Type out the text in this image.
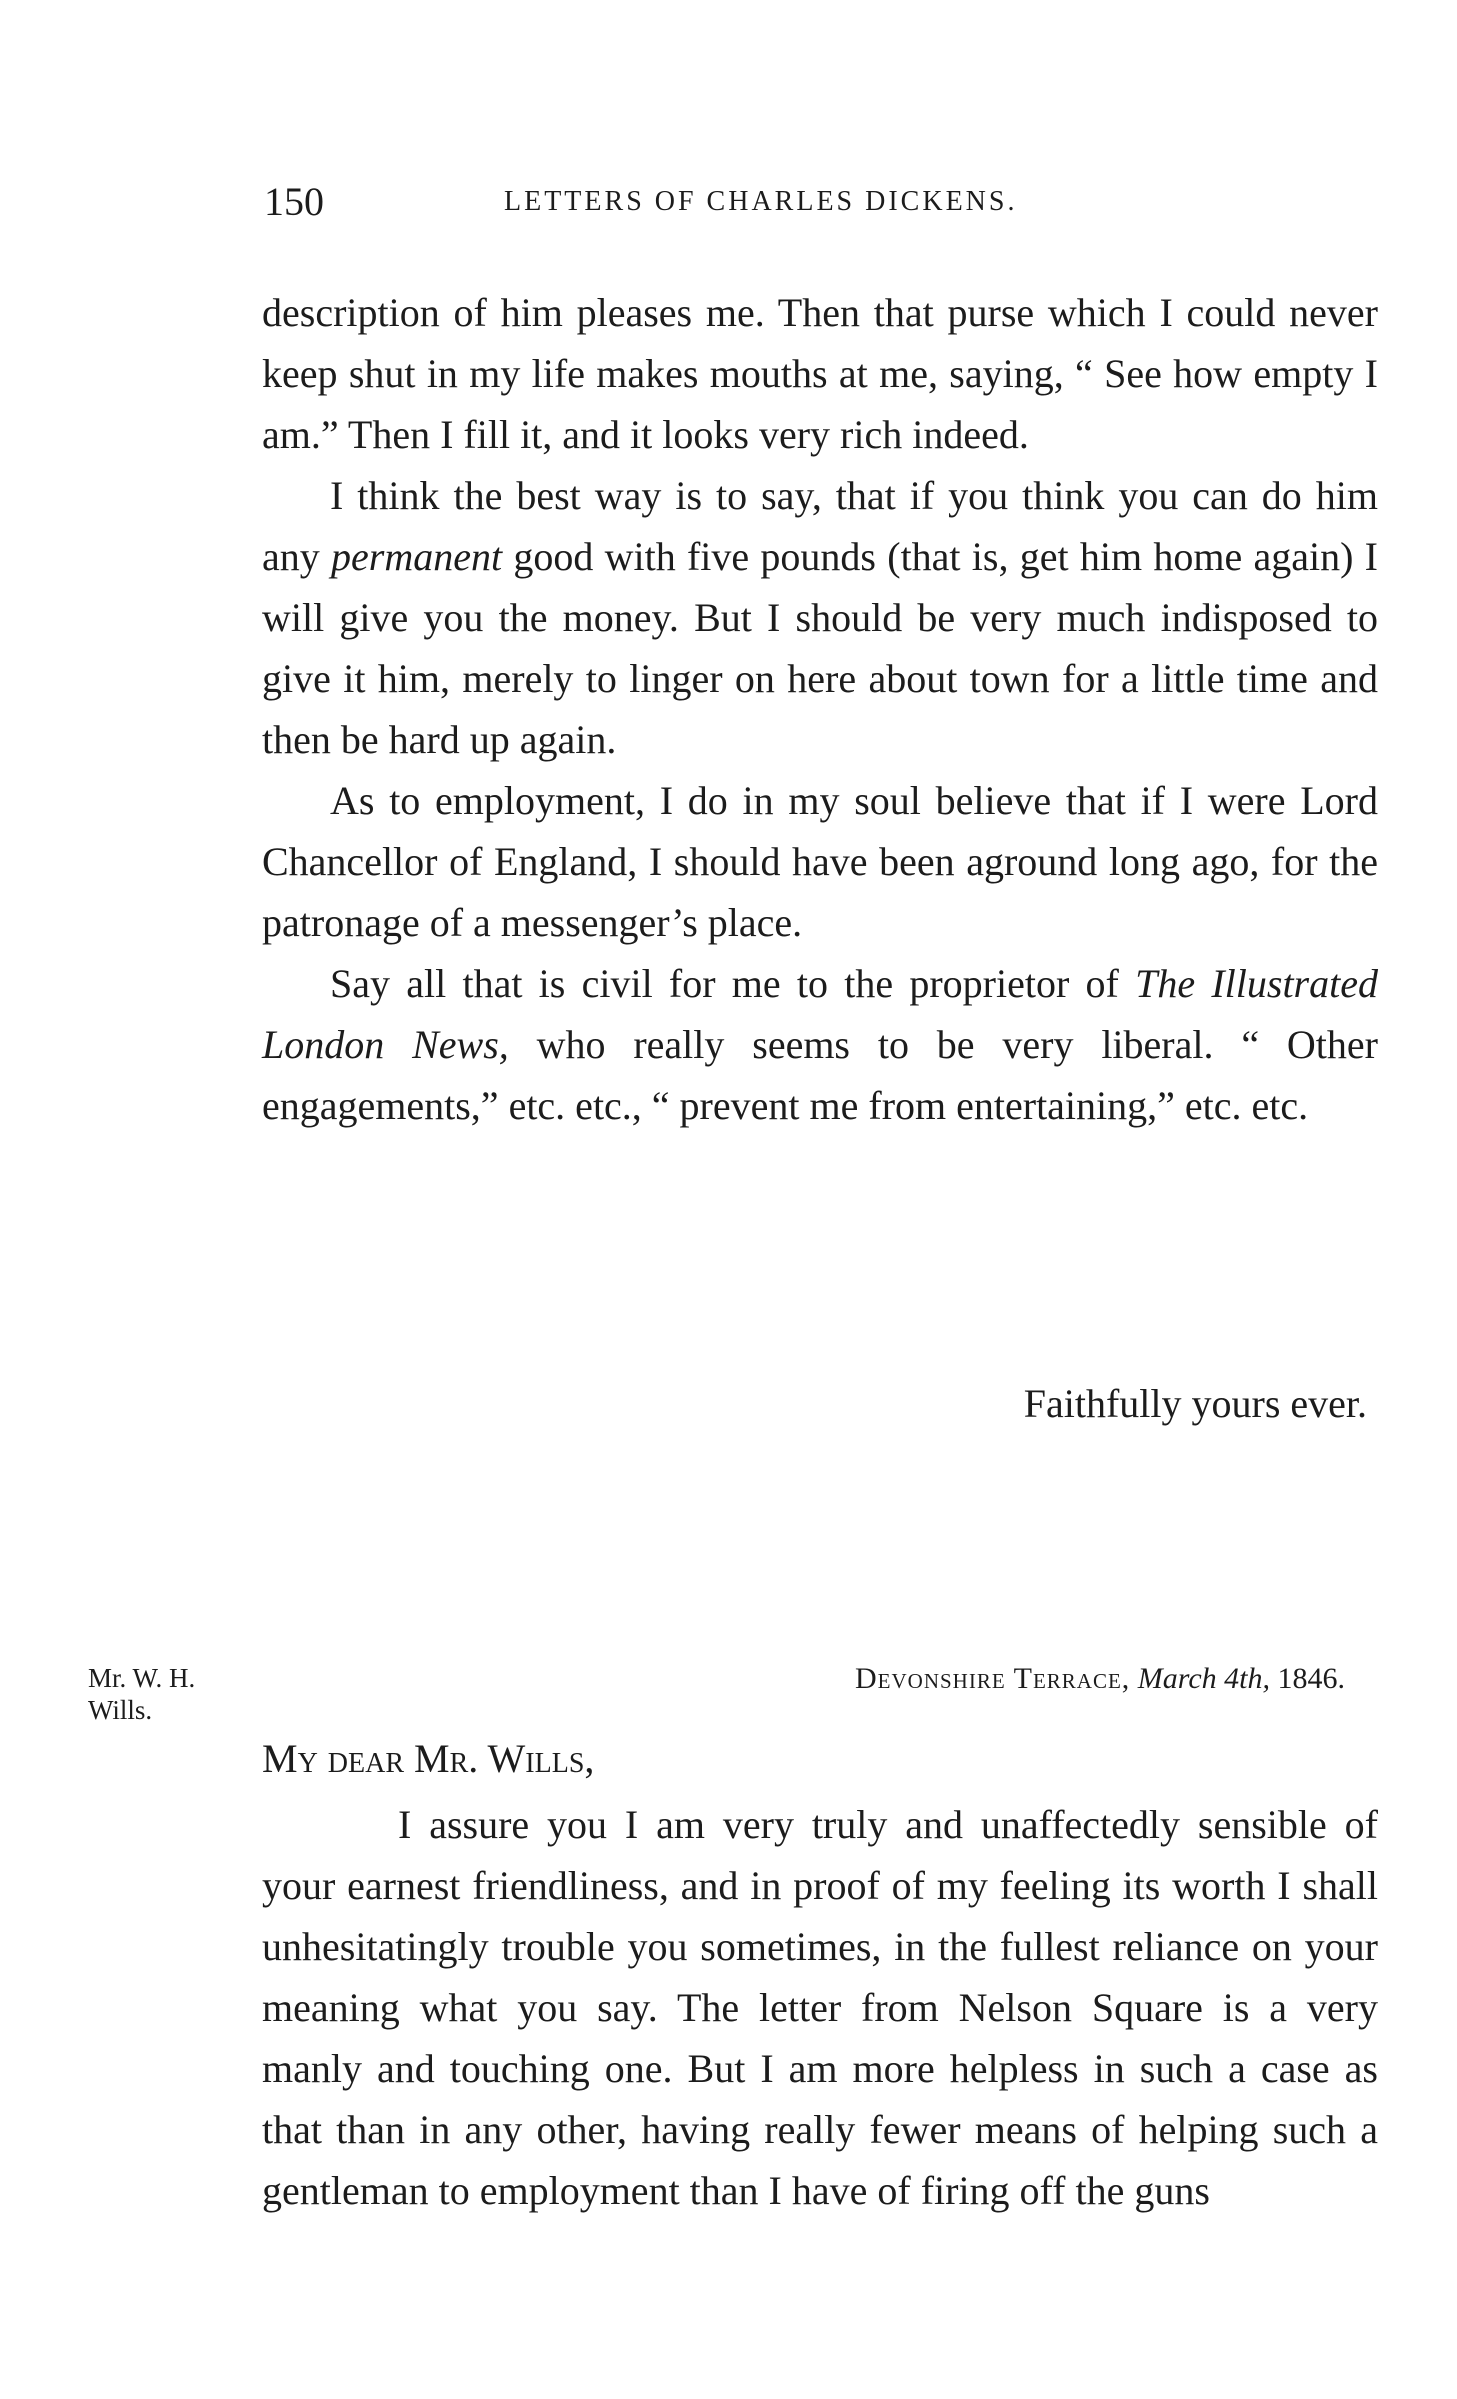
150	LETTERS OF CHARLES DICKENS.

description of him pleases me. Then that purse which I could never keep shut in my life makes mouths at me, saying, “ See how empty I am.” Then I fill it, and it looks very rich indeed.

I think the best way is to say, that if you think you can do him any permanent good with five pounds (that is, get him home again) I will give you the money. But I should be very much indisposed to give it him, merely to linger on here about town for a little time and then be hard up again.

As to employment, I do in my soul believe that if I were Lord Chancellor of England, I should have been aground long ago, for the patronage of a messenger’s place.

Say all that is civil for me to the proprietor of The Illustrated London News, who really seems to be very liberal. “ Other engagements,” etc. etc., “ prevent me from entertaining,” etc. etc.

Faithfully yours ever.
Mr. W. H.
Wills.
Devonshire Terrace, March 4th, 1846.
My dear Mr. Wills,

I assure you I am very truly and unaffectedly sensible of your earnest friendliness, and in proof of my feeling its worth I shall unhesitatingly trouble you sometimes, in the fullest reliance on your meaning what you say. The letter from Nelson Square is a very manly and touching one. But I am more helpless in such a case as that than in any other, having really fewer means of helping such a gentleman to employment than I have of firing off the guns
